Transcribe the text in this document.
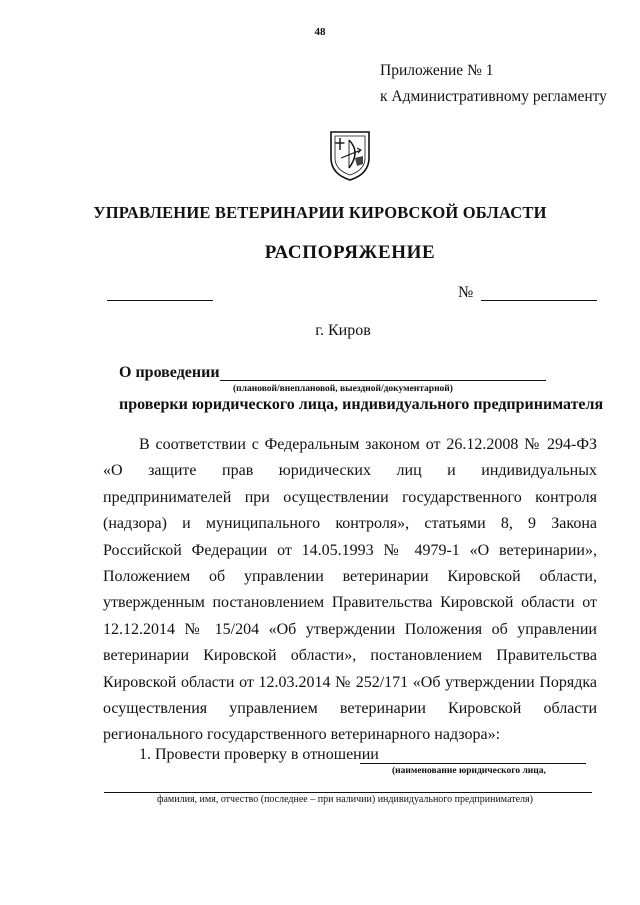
48
Приложение № 1
к Административному регламенту
УПРАВЛЕНИЕ ВЕТЕРИНАРИИ КИРОВСКОЙ ОБЛАСТИ
РАСПОРЯЖЕНИЕ
№
г. Киров
О проведении
(плановой/внеплановой, выездной/документарной)
проверки юридического лица, индивидуального предпринимателя
В соответствии с Федеральным законом от 26.12.2008 № 294-ФЗ «О защите прав юридических лиц и индивидуальных предпринимателей при осуществлении государственного контроля (надзора) и муниципального контроля», статьями 8, 9 Закона Российской Федерации от 14.05.1993 № 4979-1 «О ветеринарии», Положением об управлении ветеринарии Кировской области, утвержденным постановлением Правительства Кировской области от 12.12.2014 № 15/204 «Об утверждении Положения об управлении ветеринарии Кировской области», постановлением Правительства Кировской области от 12.03.2014 № 252/171 «Об утверждении Порядка осуществления управлением ветеринарии Кировской области регионального государственного ветеринарного надзора»:
1. Провести проверку в отношении
(наименование юридического лица,
фамилия, имя, отчество (последнее – при наличии) индивидуального предпринимателя)
